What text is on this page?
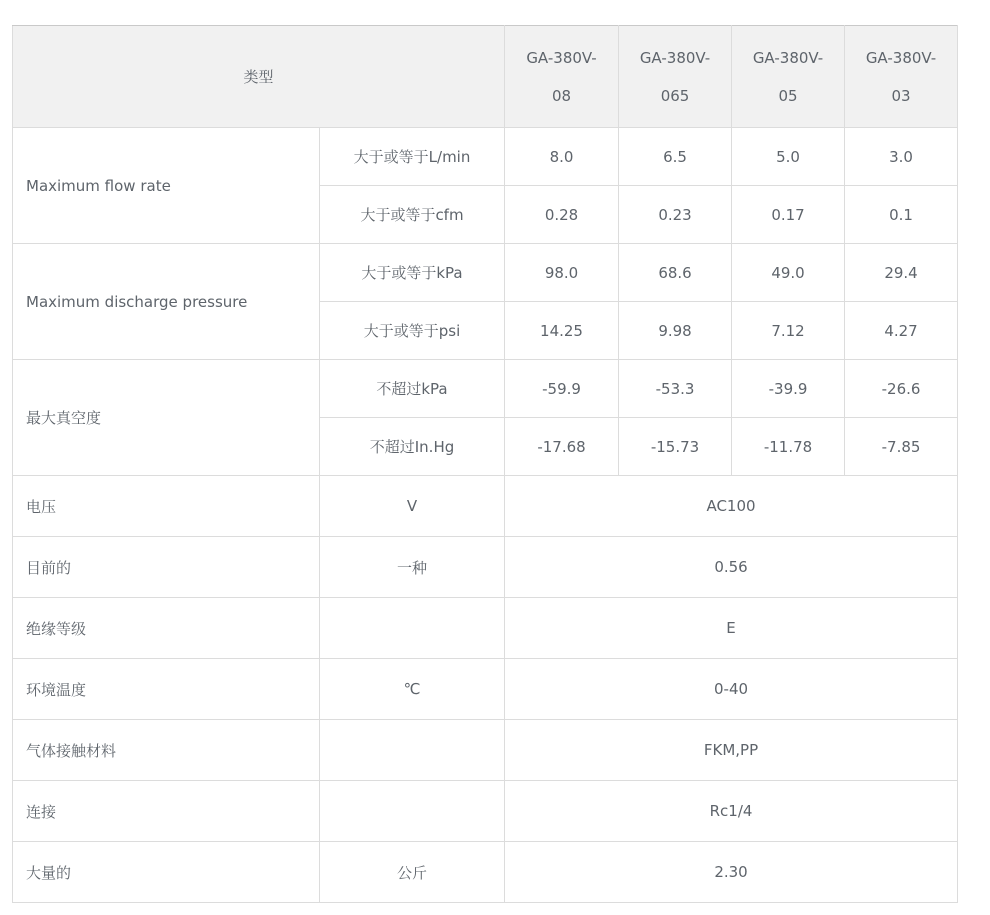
类型		GA-380V-08	GA-380V-065	GA-380V-05	GA-380V-03
Maximum flow rate	大于或等于L/min	8.0	6.5	5.0	3.0
	大于或等于cfm	0.28	0.23	0.17	0.1
Maximum discharge pressure	大于或等于kPa	98.0	68.6	49.0	29.4
	大于或等于psi	14.25	9.98	7.12	4.27
最大真空度	不超过kPa	-59.9	-53.3	-39.9	-26.6
	不超过In.Hg	-17.68	-15.73	-11.78	-7.85
电压	V	AC100			
目前的	一种	0.56			
绝缘等级		E			
环境温度	℃	0-40			
气体接触材料		FKM,PP			
连接		Rc1/4			
大量的	公斤	2.30			
